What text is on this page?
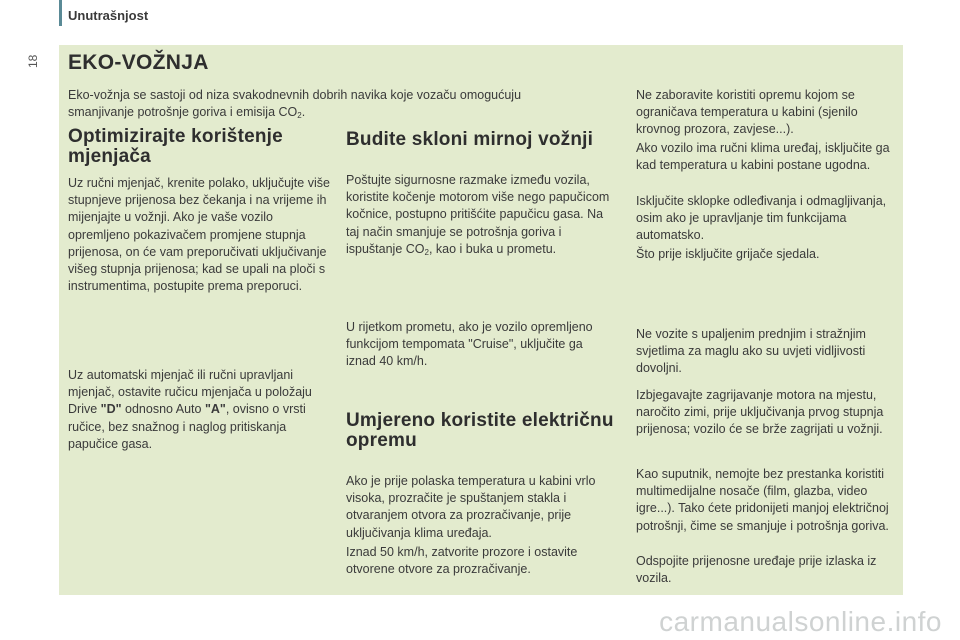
Unutrašnjost
18 EKO-VOŽNJA

Eko-vožnja se sastoji od niza svakodnevnih dobrih navika koje vozaču omogućuju smanjivanje potrošnje goriva i emisija $CO_2$.

Optimizirajte korištenje mjenjača

Uz ručni mjenjač, krenite polako, uključujte više stupnjeve prijenosa bez čekanja i na vrijeme ih mijenjajte u vožnji. Ako je vaše vozilo opremljeno pokazivačem promjene stupnja prijenosa, on će vam preporučivati uključivanje višeg stupnja prijenosa; kad se upali na ploči s instrumentima, postupite prema preporuci.

Uz automatski mjenjač ili ručni upravljani mjenjač, ostavite ručicu mjenjača u položaju Drive "D" odnosno Auto "A", ovisno o vrsti ručice, bez snažnog i naglog pritiskanja papučice gasa.

Budite skloni mirnoj vožnji

Poštujte sigurnosne razmake između vozila, koristite kočenje motorom više nego papučicom kočnice, postupno pritišćite papučicu gasa. Na taj način smanjuje se potrošnja goriva i ispuštanje $CO_2$, kao i buka u prometu.

U rijetkom prometu, ako je vozilo opremljeno funkcijom tempomata "Cruise", uključite ga iznad 40 km/h.

Umjereno koristite električnu opremu

Ako je prije polaska temperatura u kabini vrlo visoka, prozračite je spuštanjem stakla i otvaranjem otvora za prozračivanje, prije uključivanja klima uređaja.

Iznad 50 km/h, zatvorite prozore i ostavite otvorene otvore za prozračivanje.

Ne zaboravite koristiti opremu kojom se ograničava temperatura u kabini (sjenilo krovnog prozora, zavjese...).

Ako vozilo ima ručni klima uređaj, isključite ga kad temperatura u kabini postane ugodna.

Isključite sklopke odleđivanja i odmagljivanja, osim ako je upravljanje tim funkcijama automatsko.

Što prije isključite grijače sjedala.

Ne vozite s upaljenim prednjim i stražnjim svjetlima za maglu ako su uvjeti vidljivosti dovoljni.

Izbjegavajte zagrijavanje motora na mjestu, naročito zimi, prije uključivanja prvog stupnja prijenosa; vozilo će se brže zagrijati u vožnji.

Kao suputnik, nemojte bez prestanka koristiti multimedijalne nosače (film, glazba, video igre...). Tako ćete pridonijeti manjoj električnoj potrošnji, čime se smanjuje i potrošnja goriva.

Odspojite prijenosne uređaje prije izlaska iz vozila.

carmanualsonline.info
